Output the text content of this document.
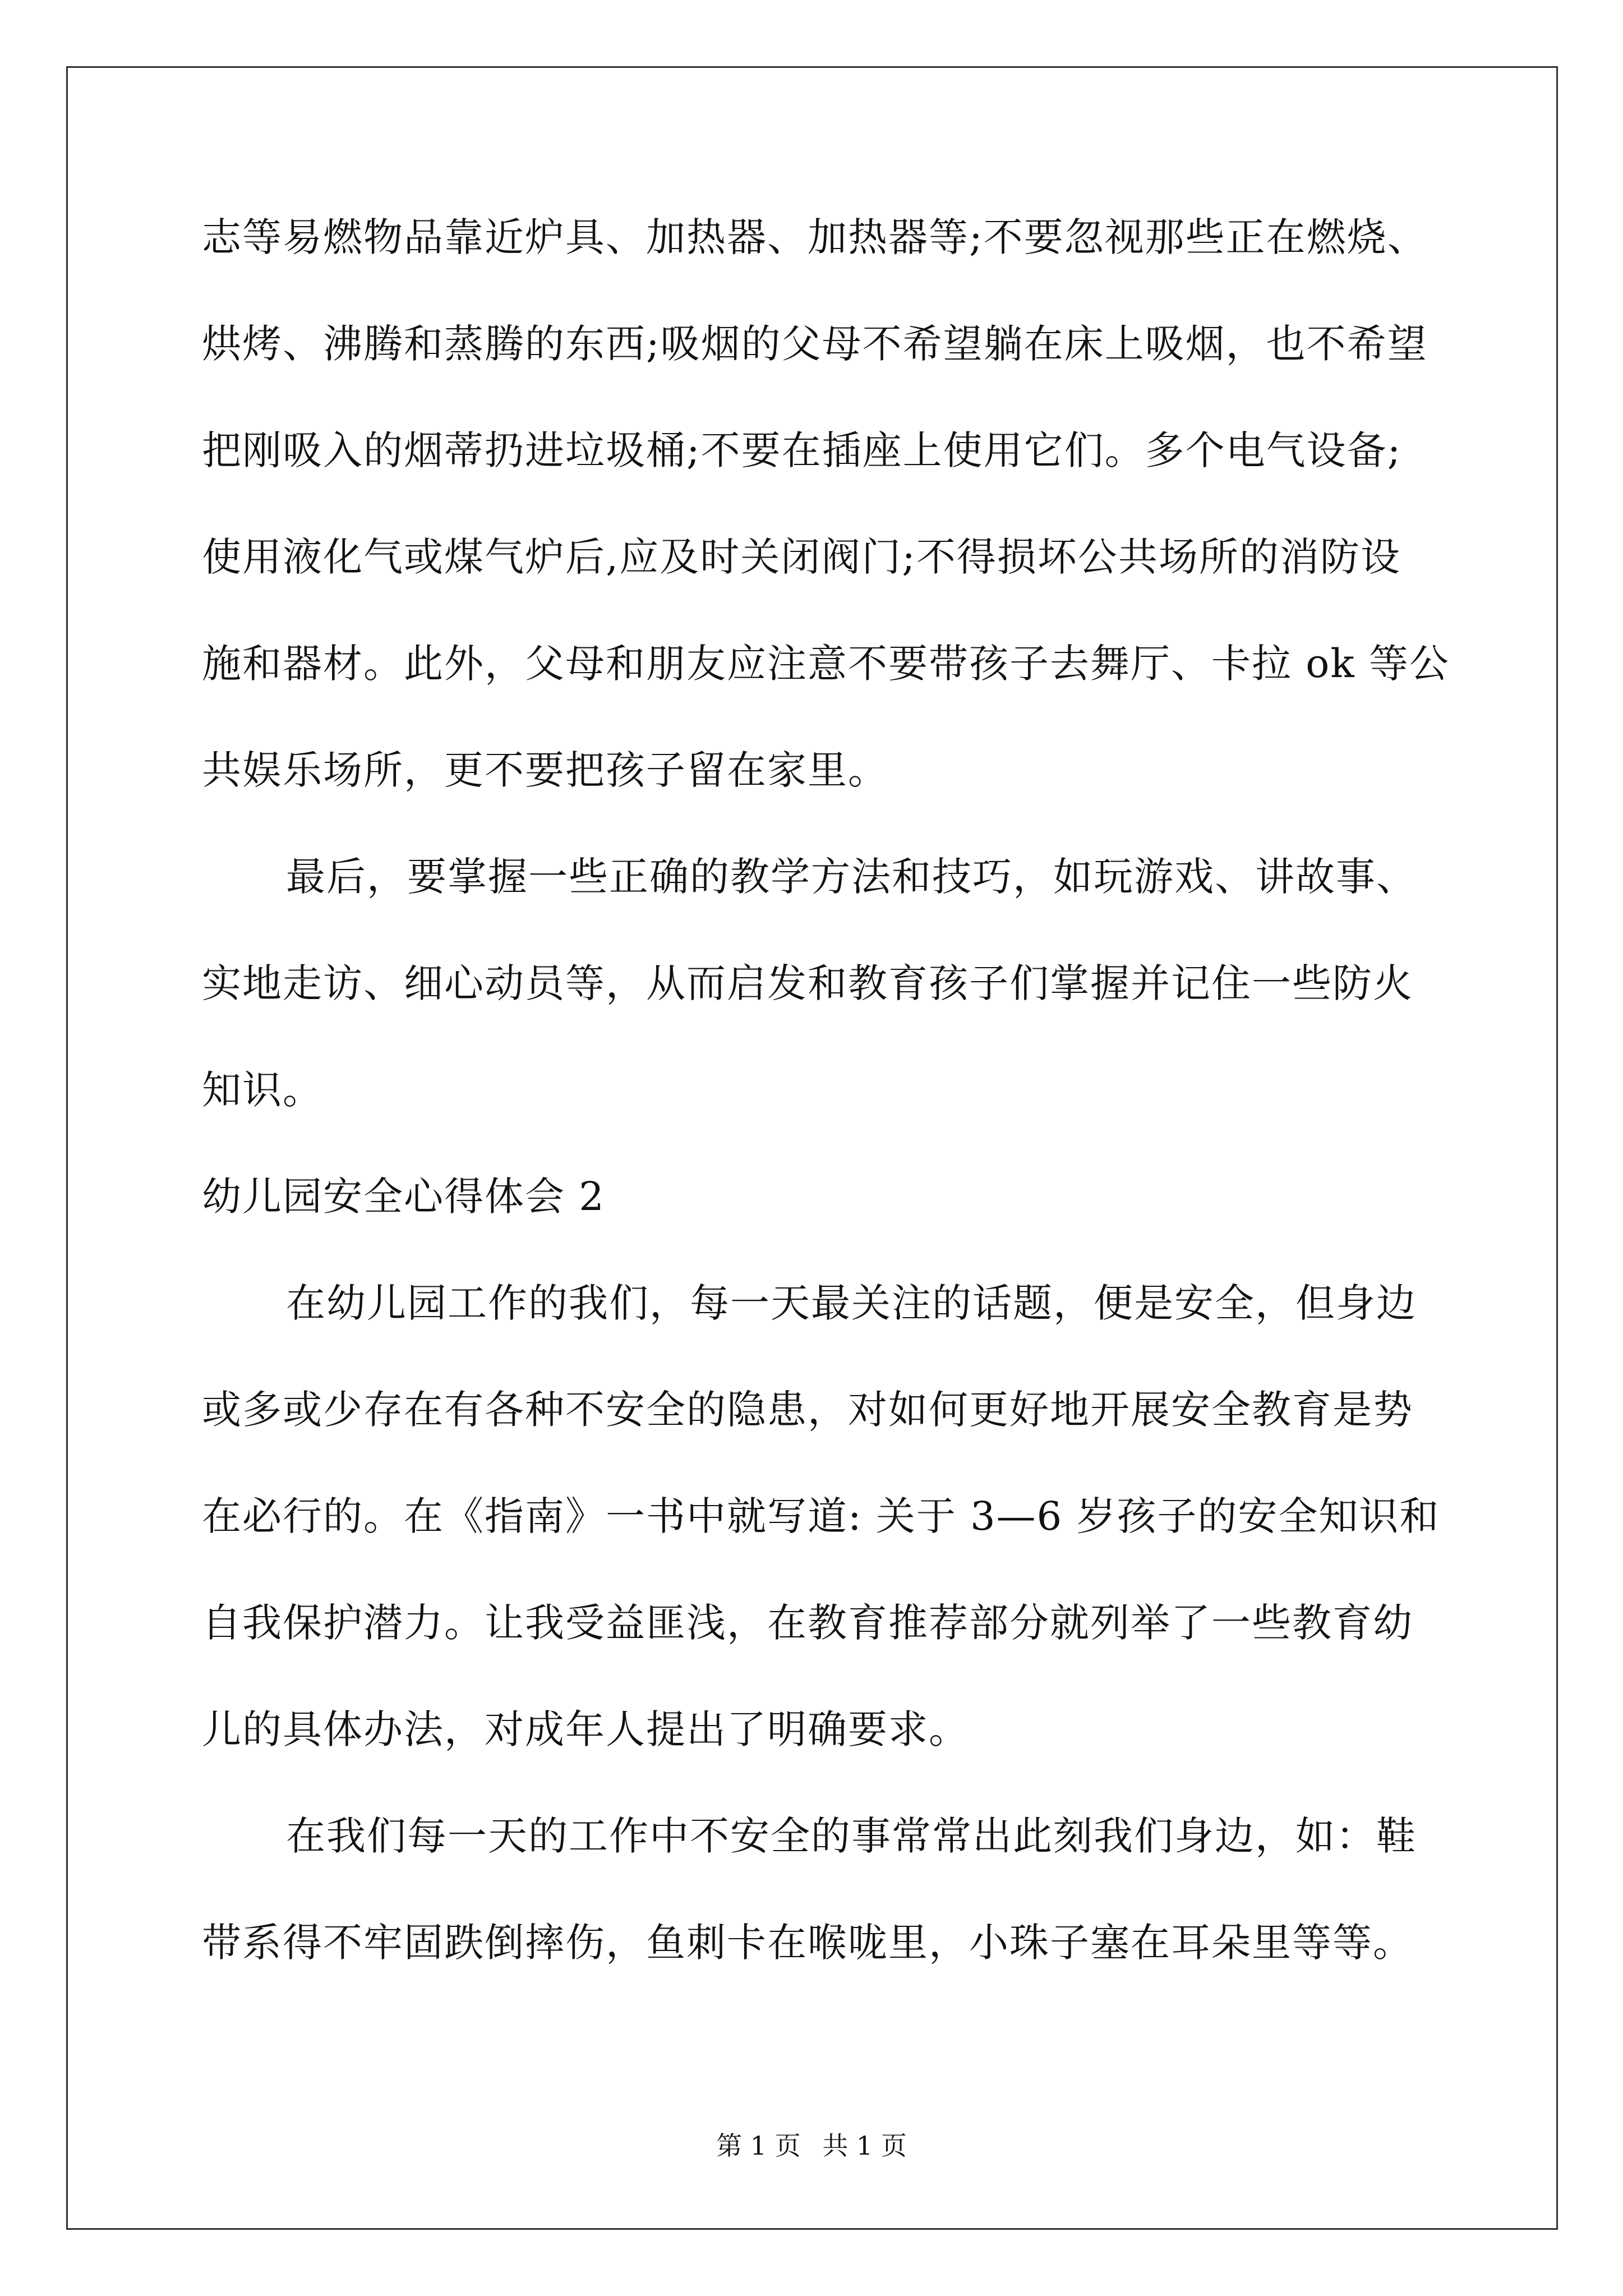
志等易燃物品靠近炉具、加热器、加热器等;不要忽视那些正在燃烧、
烘烤、沸腾和蒸腾的东西;吸烟的父母不希望躺在床上吸烟，也不希望
把刚吸入的烟蒂扔进垃圾桶;不要在插座上使用它们。多个电气设备;
使用液化气或煤气炉后,应及时关闭阀门;不得损坏公共场所的消防设
施和器材。此外，父母和朋友应注意不要带孩子去舞厅、卡拉 ok 等公
共娱乐场所，更不要把孩子留在家里。
最后，要掌握一些正确的教学方法和技巧，如玩游戏、讲故事、
实地走访、细心动员等，从而启发和教育孩子们掌握并记住一些防火
知识。
幼儿园安全心得体会 2
在幼儿园工作的我们，每一天最关注的话题，便是安全，但身边
或多或少存在有各种不安全的隐患，对如何更好地开展安全教育是势
在必行的。在《指南》一书中就写道: 关于 3—6 岁孩子的安全知识和
自我保护潜力。让我受益匪浅，在教育推荐部分就列举了一些教育幼
儿的具体办法，对成年人提出了明确要求。
在我们每一天的工作中不安全的事常常出此刻我们身边，如：鞋
带系得不牢固跌倒摔伤，鱼刺卡在喉咙里，小珠子塞在耳朵里等等。
第 1 页 共 1 页
